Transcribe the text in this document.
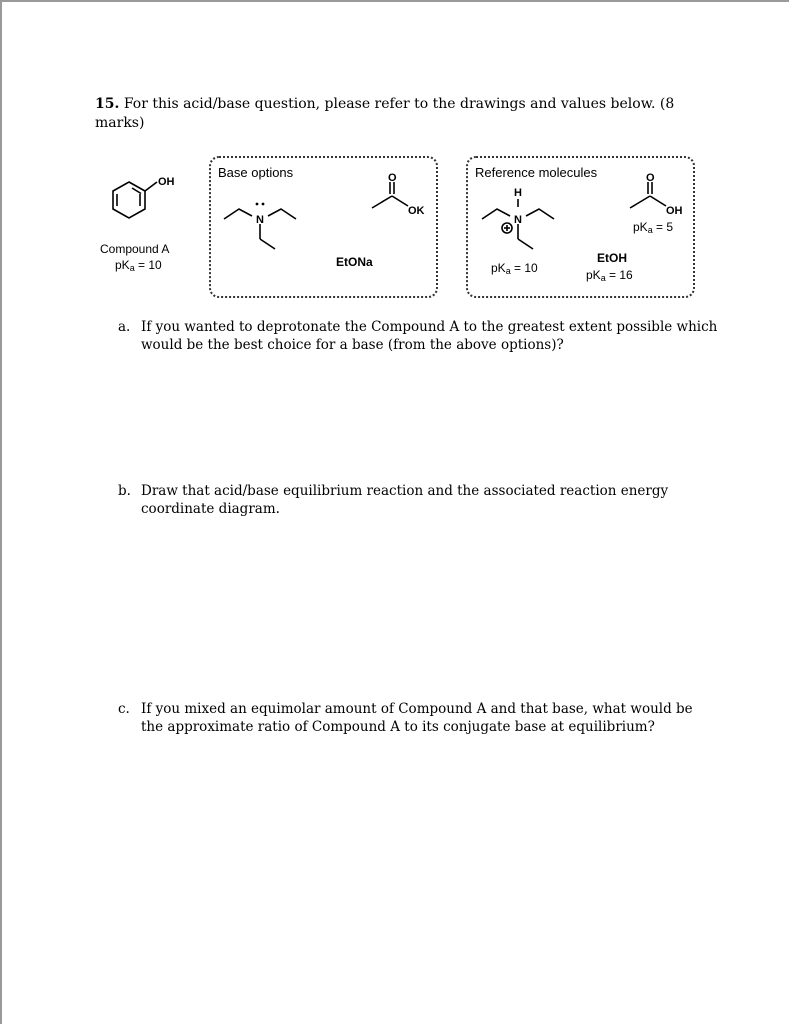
15. For this acid/base question, please refer to the drawings and values below. (8 marks)
OH
Compound A
$pK_a = 10$
Base options
N
O
OK
EtONa
Reference molecules
H
N
$pK_a = 10$
O
OH
$pK_a = 5$
EtOH
$pK_a = 16$
a. If you wanted to deprotonate the Compound A to the greatest extent possible which would be the best choice for a base (from the above options)?
b. Draw that acid/base equilibrium reaction and the associated reaction energy coordinate diagram.
c. If you mixed an equimolar amount of Compound A and that base, what would be the approximate ratio of Compound A to its conjugate base at equilibrium?
